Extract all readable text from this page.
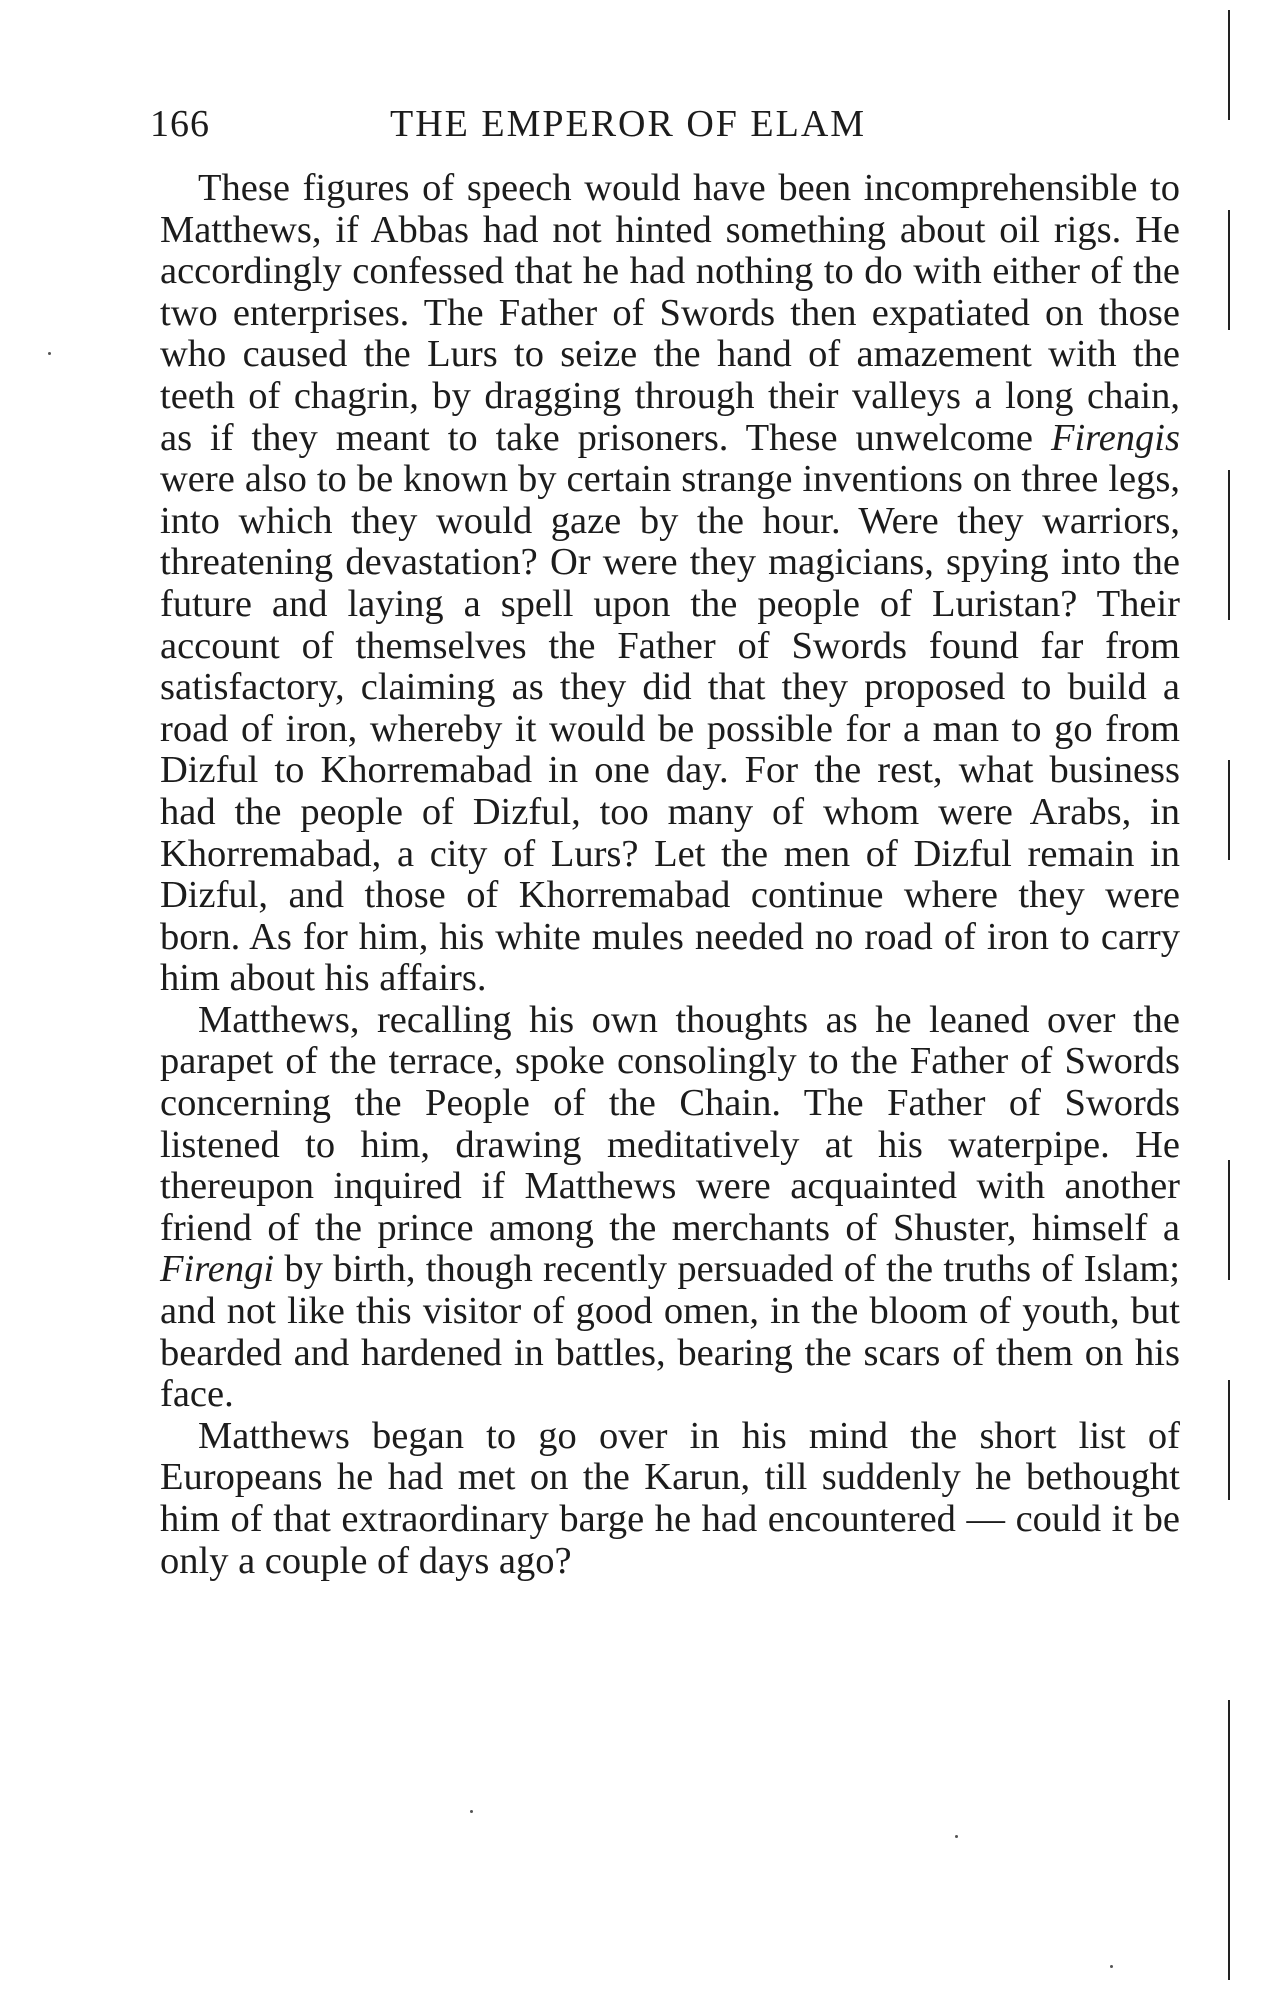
166	THE EMPEROR OF ELAM

These figures of speech would have been incomprehensible to Matthews, if Abbas had not hinted something about oil rigs. He accordingly confessed that he had nothing to do with either of the two enterprises. The Father of Swords then expatiated on those who caused the Lurs to seize the hand of amazement with the teeth of chagrin, by dragging through their valleys a long chain, as if they meant to take prisoners. These unwelcome Firengis were also to be known by certain strange inventions on three legs, into which they would gaze by the hour. Were they warriors, threatening devastation? Or were they magicians, spying into the future and laying a spell upon the people of Luristan? Their account of themselves the Father of Swords found far from satisfactory, claiming as they did that they proposed to build a road of iron, whereby it would be possible for a man to go from Dizful to Khorremabad in one day. For the rest, what business had the people of Dizful, too many of whom were Arabs, in Khorremabad, a city of Lurs? Let the men of Dizful remain in Dizful, and those of Khorremabad continue where they were born. As for him, his white mules needed no road of iron to carry him about his affairs.

Matthews, recalling his own thoughts as he leaned over the parapet of the terrace, spoke consolingly to the Father of Swords concerning the People of the Chain. The Father of Swords listened to him, drawing meditatively at his waterpipe. He thereupon inquired if Matthews were acquainted with another friend of the prince among the merchants of Shuster, himself a Firengi by birth, though recently persuaded of the truths of Islam; and not like this visitor of good omen, in the bloom of youth, but bearded and hardened in battles, bearing the scars of them on his face.

Matthews began to go over in his mind the short list of Europeans he had met on the Karun, till suddenly he bethought him of that extraordinary barge he had encountered — could it be only a couple of days ago?
